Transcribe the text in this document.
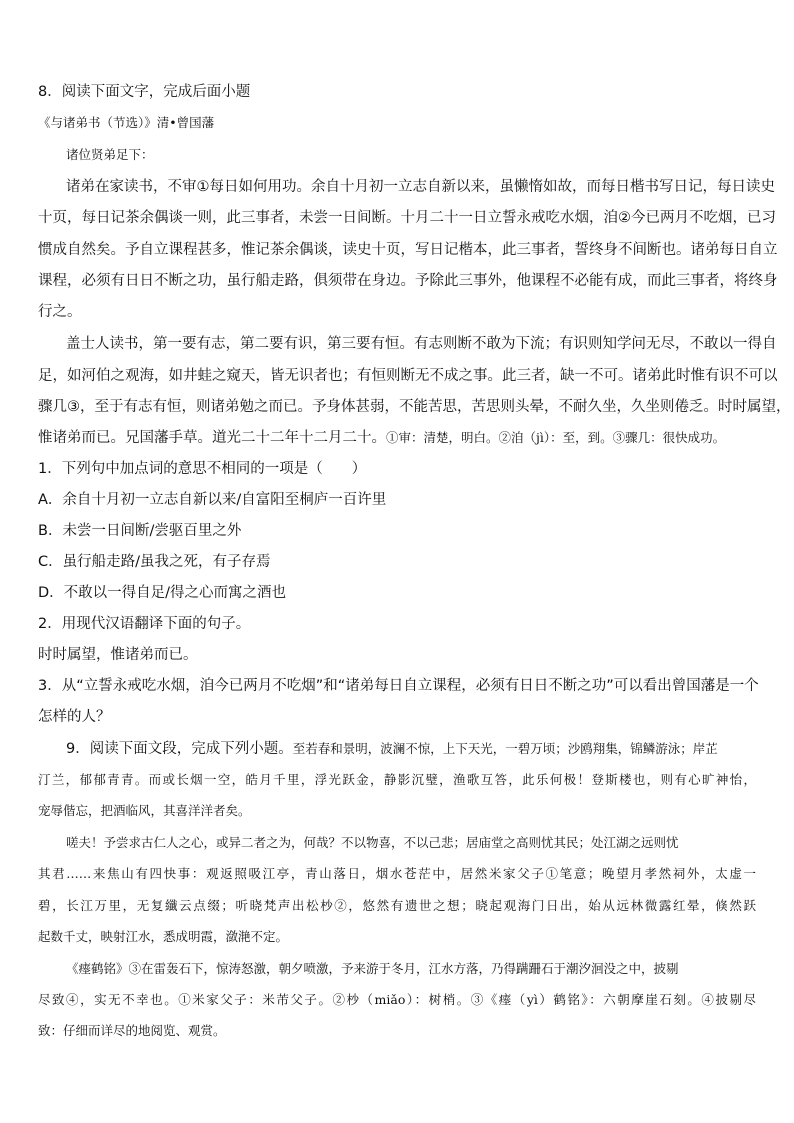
8．阅读下面文字，完成后面小题

《与诸弟书（节选）》清•曾国藩

诸位贤弟足下：

诸弟在家读书，不审①每日如何用功。余自十月初一立志自新以来，虽懒惰如故，而每日楷书写日记，每日读史

十页，每日记茶余偶谈一则，此三事者，未尝一日间断。十月二十一日立誓永戒吃水烟，洎②今已两月不吃烟，已习

惯成自然矣。予自立课程甚多，惟记茶余偶谈，读史十页，写日记楷本，此三事者，誓终身不间断也。诸弟每日自立

课程，必须有日日不断之功，虽行船走路，俱须带在身边。予除此三事外，他课程不必能有成，而此三事者，将终身

行之。

盖士人读书，第一要有志，第二要有识，第三要有恒。有志则断不敢为下流；有识则知学问无尽，不敢以一得自

足，如河伯之观海，如井蛙之窥天，皆无识者也；有恒则断无不成之事。此三者，缺一不可。诸弟此时惟有识不可以

骤几③，至于有志有恒，则诸弟勉之而已。予身体甚弱，不能苦思，苦思则头晕，不耐久坐，久坐则倦乏。时时属望，

惟诸弟而已。兄国藩手草。道光二十二年十二月二十。①审：清楚，明白。②洎（jì）：至，到。③骤几：很快成功。

1．下列句中加点词的意思不相同的一项是（　　）

A．余自十月初一立志自新以来/自富阳至桐庐一百许里

B．未尝一日间断/尝驱百里之外

C．虽行船走路/虽我之死，有子存焉

D．不敢以一得自足/得之心而寓之酒也

2．用现代汉语翻译下面的句子。

时时属望，惟诸弟而已。

3．从“立誓永戒吃水烟，洎今已两月不吃烟”和“诸弟每日自立课程，必须有日日不断之功”可以看出曾国藩是一个

怎样的人？

9．阅读下面文段，完成下列小题。至若春和景明，波澜不惊，上下天光，一碧万顷；沙鸥翔集，锦鳞游泳；岸芷

汀兰，郁郁青青。而或长烟一空，皓月千里，浮光跃金，静影沉璧，渔歌互答，此乐何极！登斯楼也，则有心旷神怡，

宠辱偕忘，把酒临风，其喜洋洋者矣。

嗟夫！予尝求古仁人之心，或异二者之为，何哉？不以物喜，不以己悲；居庙堂之高则忧其民；处江湖之远则忧

其君……来焦山有四快事：观返照吸江亭，青山落日，烟水苍茫中，居然米家父子①笔意；晚望月孝然祠外，太虚一

碧，长江万里，无复纖云点缀；听晓梵声出松杪②，悠然有遗世之想；晓起观海门日出，始从远林微露红晕，倏然跃

起数千丈，映射江水，悉成明霞，潋滟不定。

《瘗鹤铭》③在雷轰石下，惊涛怒激，朝夕喷激，予来游于冬月，江水方落，乃得蹒跚石于潮汐洄没之中，披剔

尽致④，实无不幸也。①米家父子：米芾父子。②杪（miǎo）：树梢。③《瘗（yì）鹤铭》：六朝摩崖石刻。④披剔尽

致：仔细而详尽的地阅览、观赏。
